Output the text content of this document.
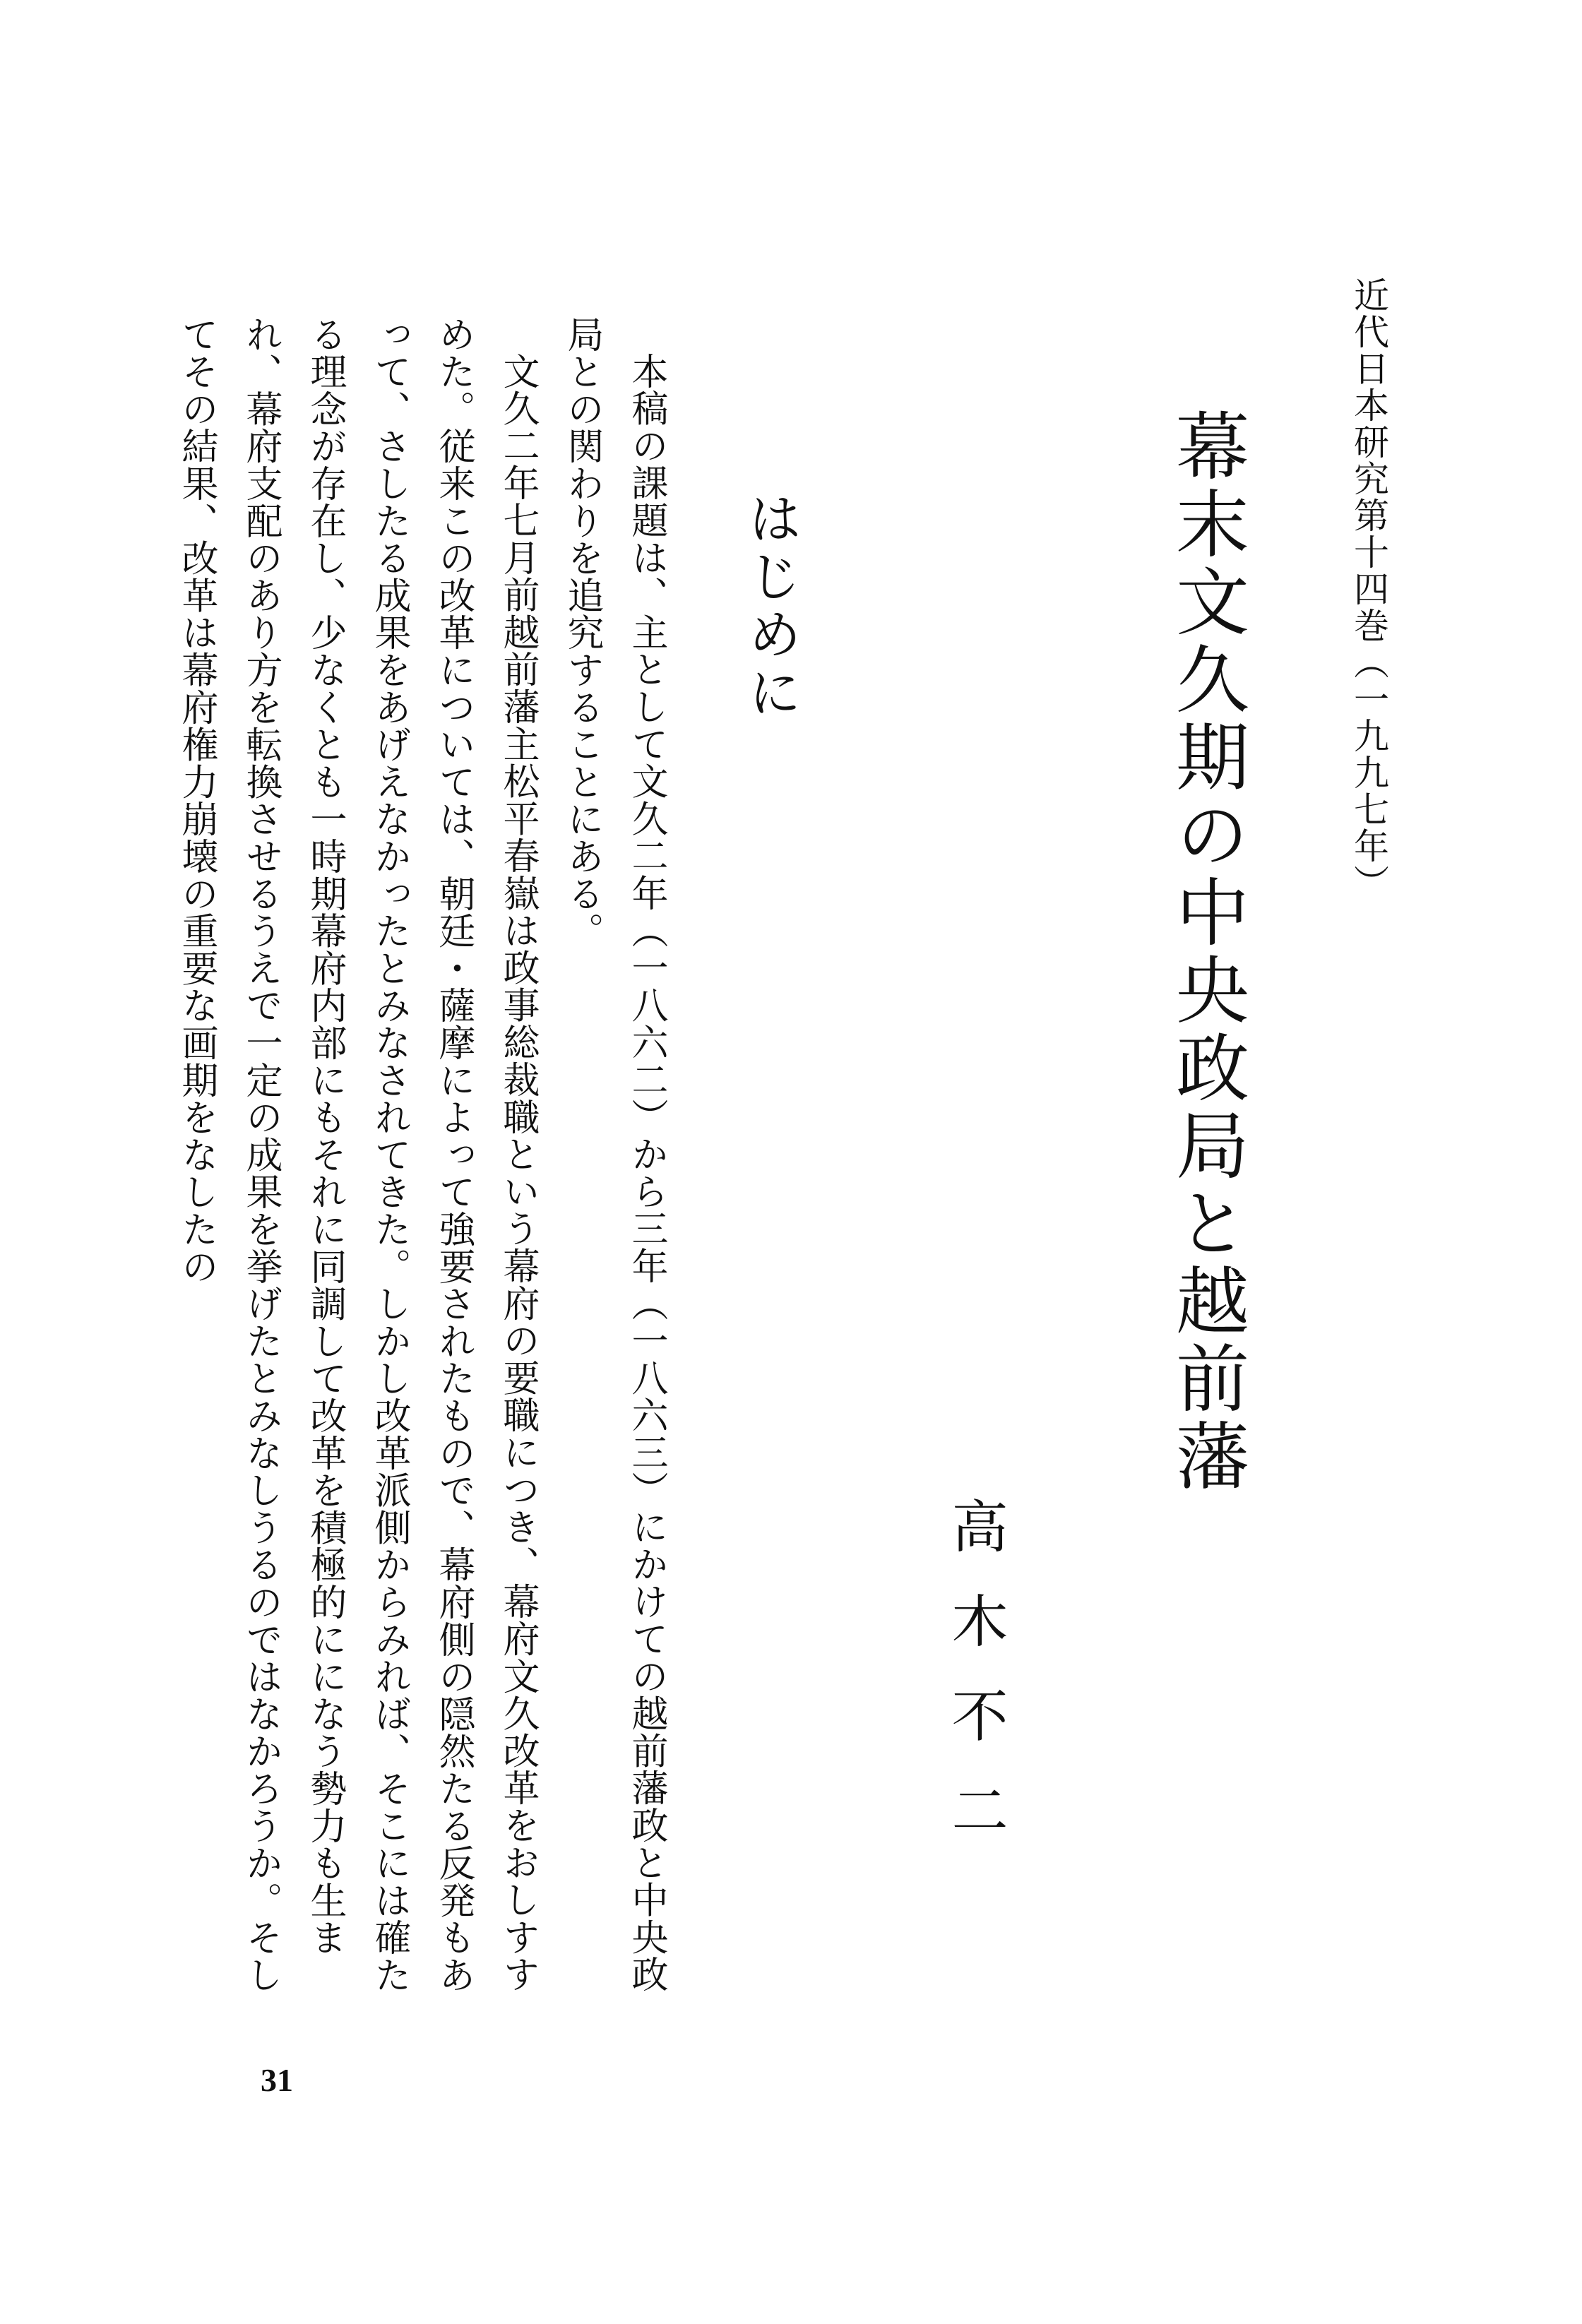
近代日本研究第十四巻（一九九七年）

幕末文久期の中央政局と越前藩

高木不二

はじめに

本稿の課題は、主として文久二年（一八六二）から三年（一八六三）にかけての越前藩政と中央政局との関わりを追究することにある。

文久二年七月前越前藩主松平春嶽は政事総裁職という幕府の要職につき、幕府文久改革をおしすすめた。従来この改革については、朝廷・薩摩によって強要されたもので、幕府側の隠然たる反発もあって、さしたる成果をあげえなかったとみなされてきた。しかし改革派側からみれば、そこには確たる理念が存在し、少なくとも一時期幕府内部にもそれに同調して改革を積極的にになう勢力も生まれ、幕府支配のあり方を転換させるうえで一定の成果を挙げたとみなしうるのではなかろうか。そしてその結果、改革は幕府権力崩壊の重要な画期をなしたの

31
